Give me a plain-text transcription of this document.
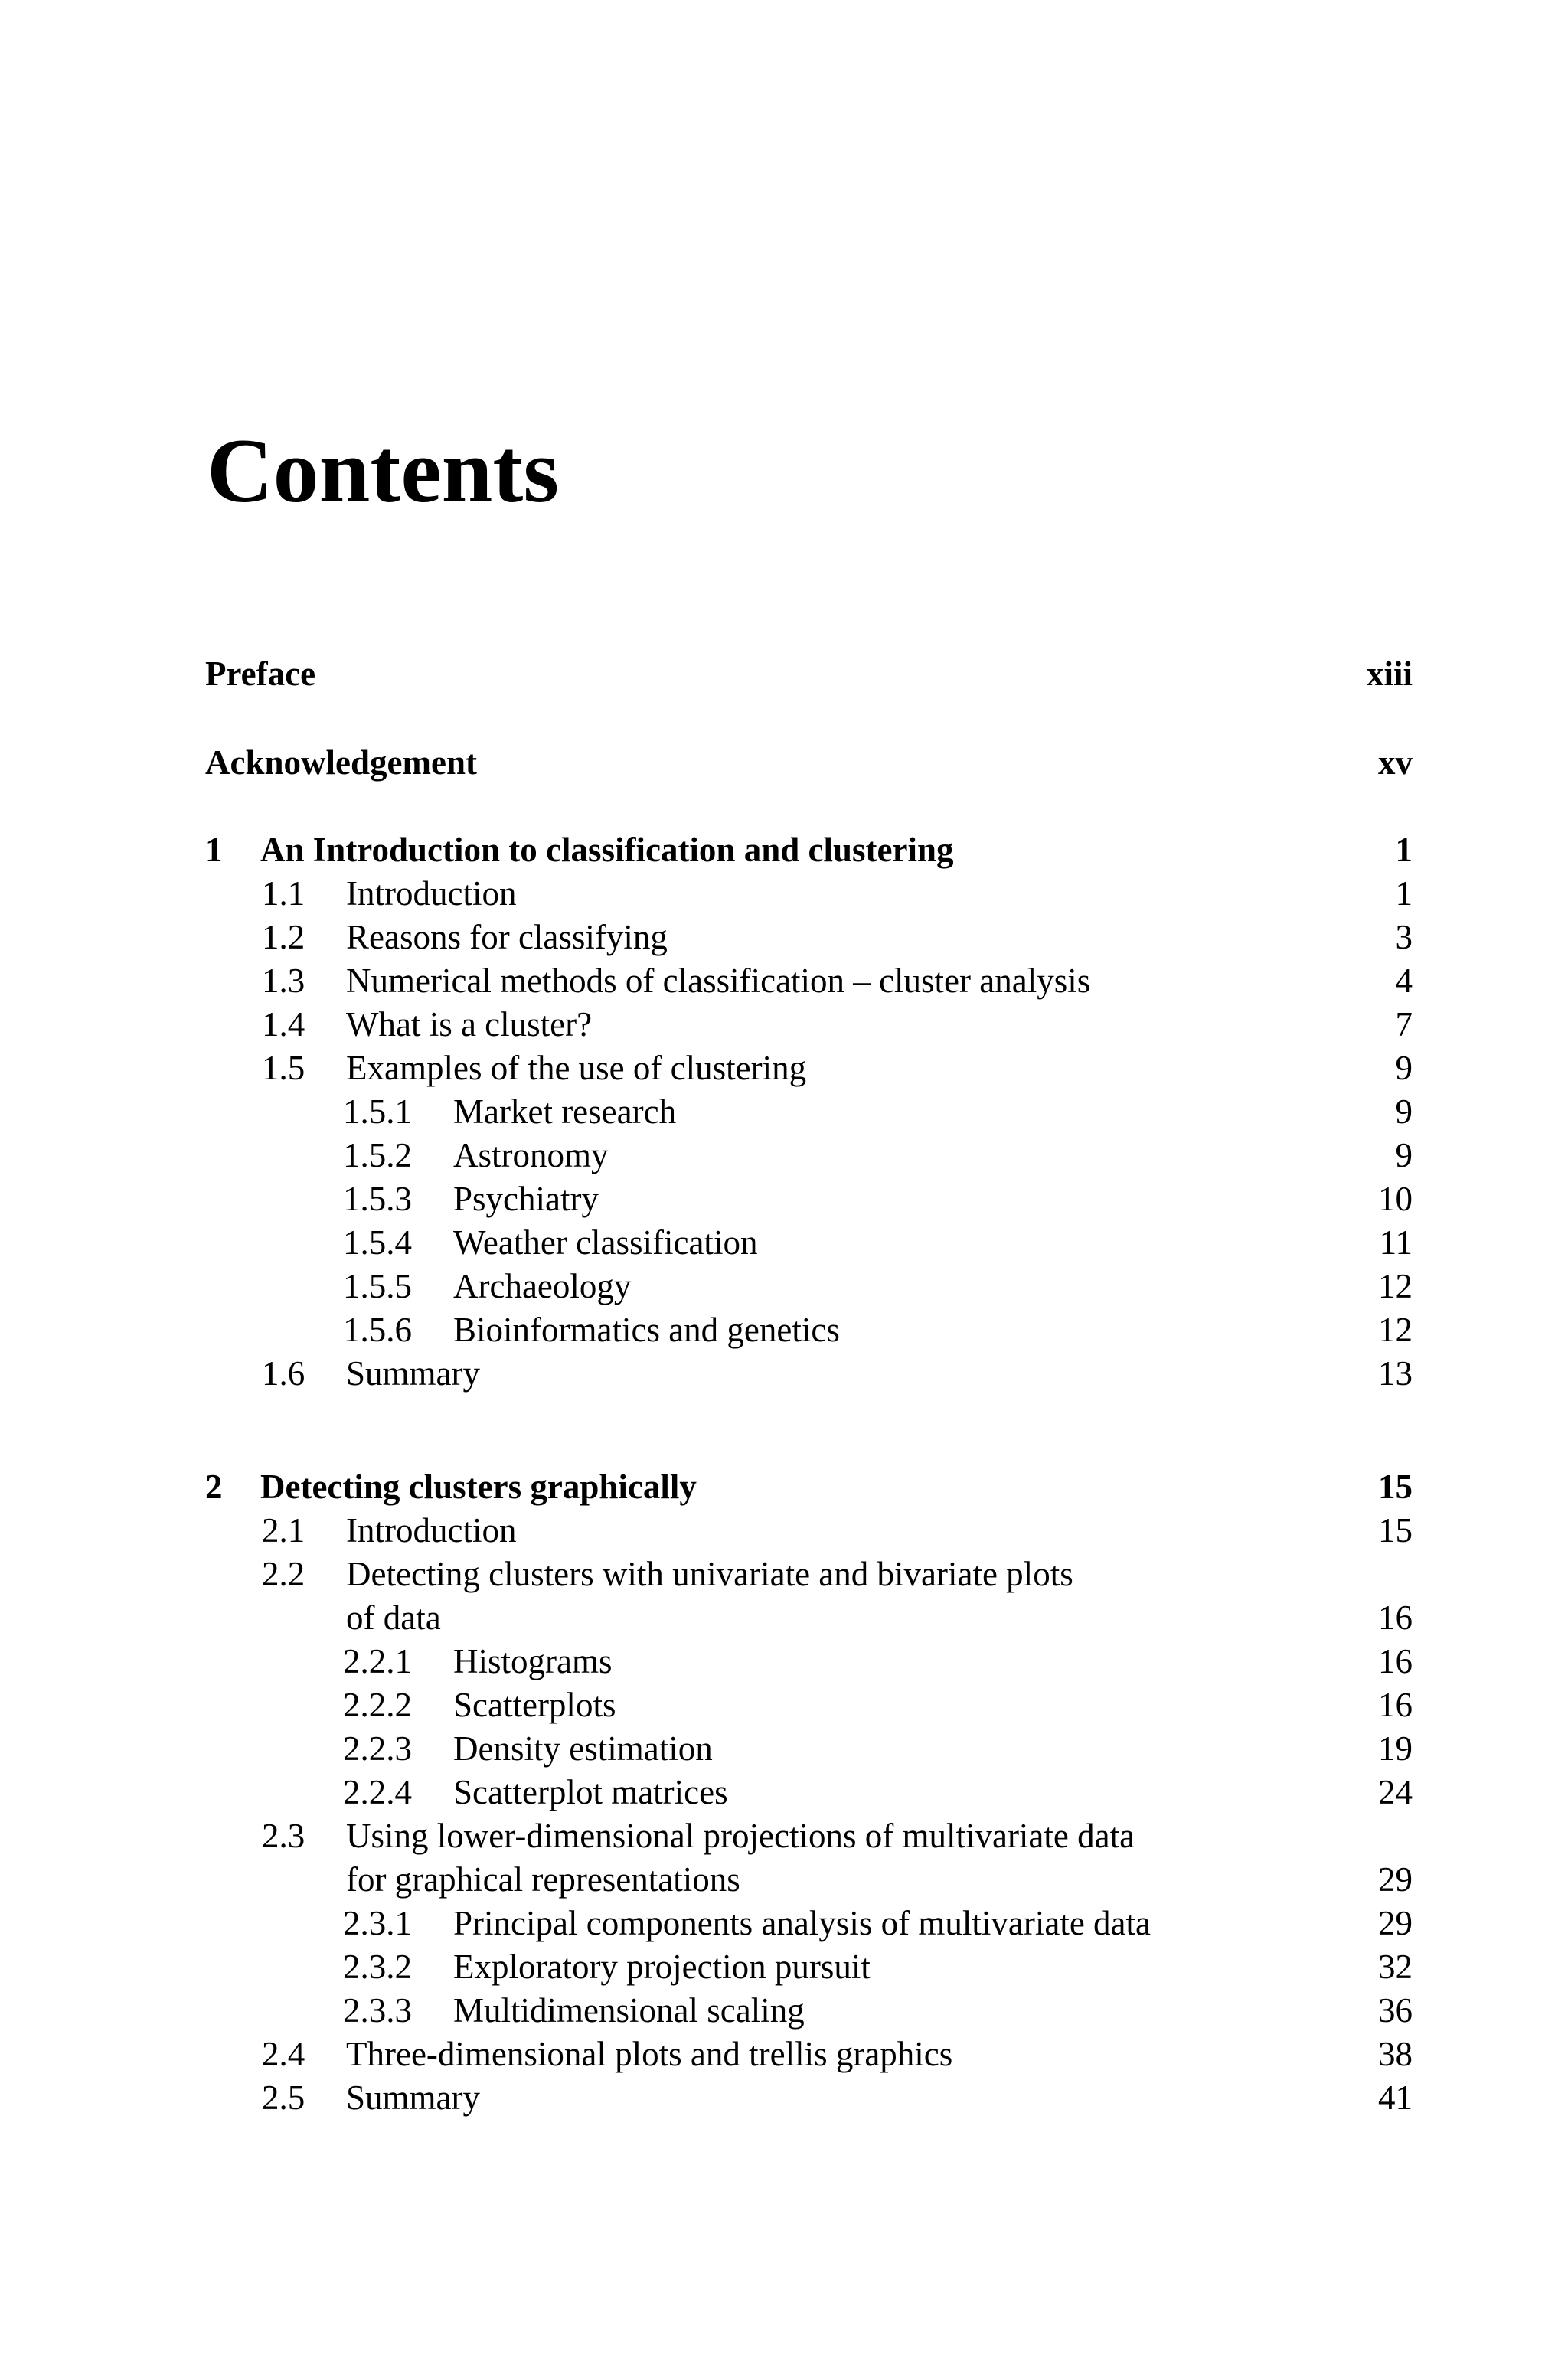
Contents
Preface	xiii
Acknowledgement	xv
1 An Introduction to classification and clustering	1
1.1 Introduction	1
1.2 Reasons for classifying	3
1.3 Numerical methods of classification – cluster analysis	4
1.4 What is a cluster?	7
1.5 Examples of the use of clustering	9
1.5.1 Market research	9
1.5.2 Astronomy	9
1.5.3 Psychiatry	10
1.5.4 Weather classification	11
1.5.5 Archaeology	12
1.5.6 Bioinformatics and genetics	12
1.6 Summary	13
2 Detecting clusters graphically	15
2.1 Introduction	15
2.2 Detecting clusters with univariate and bivariate plots
of data	16
2.2.1 Histograms	16
2.2.2 Scatterplots	16
2.2.3 Density estimation	19
2.2.4 Scatterplot matrices	24
2.3 Using lower-dimensional projections of multivariate data
for graphical representations	29
2.3.1 Principal components analysis of multivariate data	29
2.3.2 Exploratory projection pursuit	32
2.3.3 Multidimensional scaling	36
2.4 Three-dimensional plots and trellis graphics	38
2.5 Summary	41
